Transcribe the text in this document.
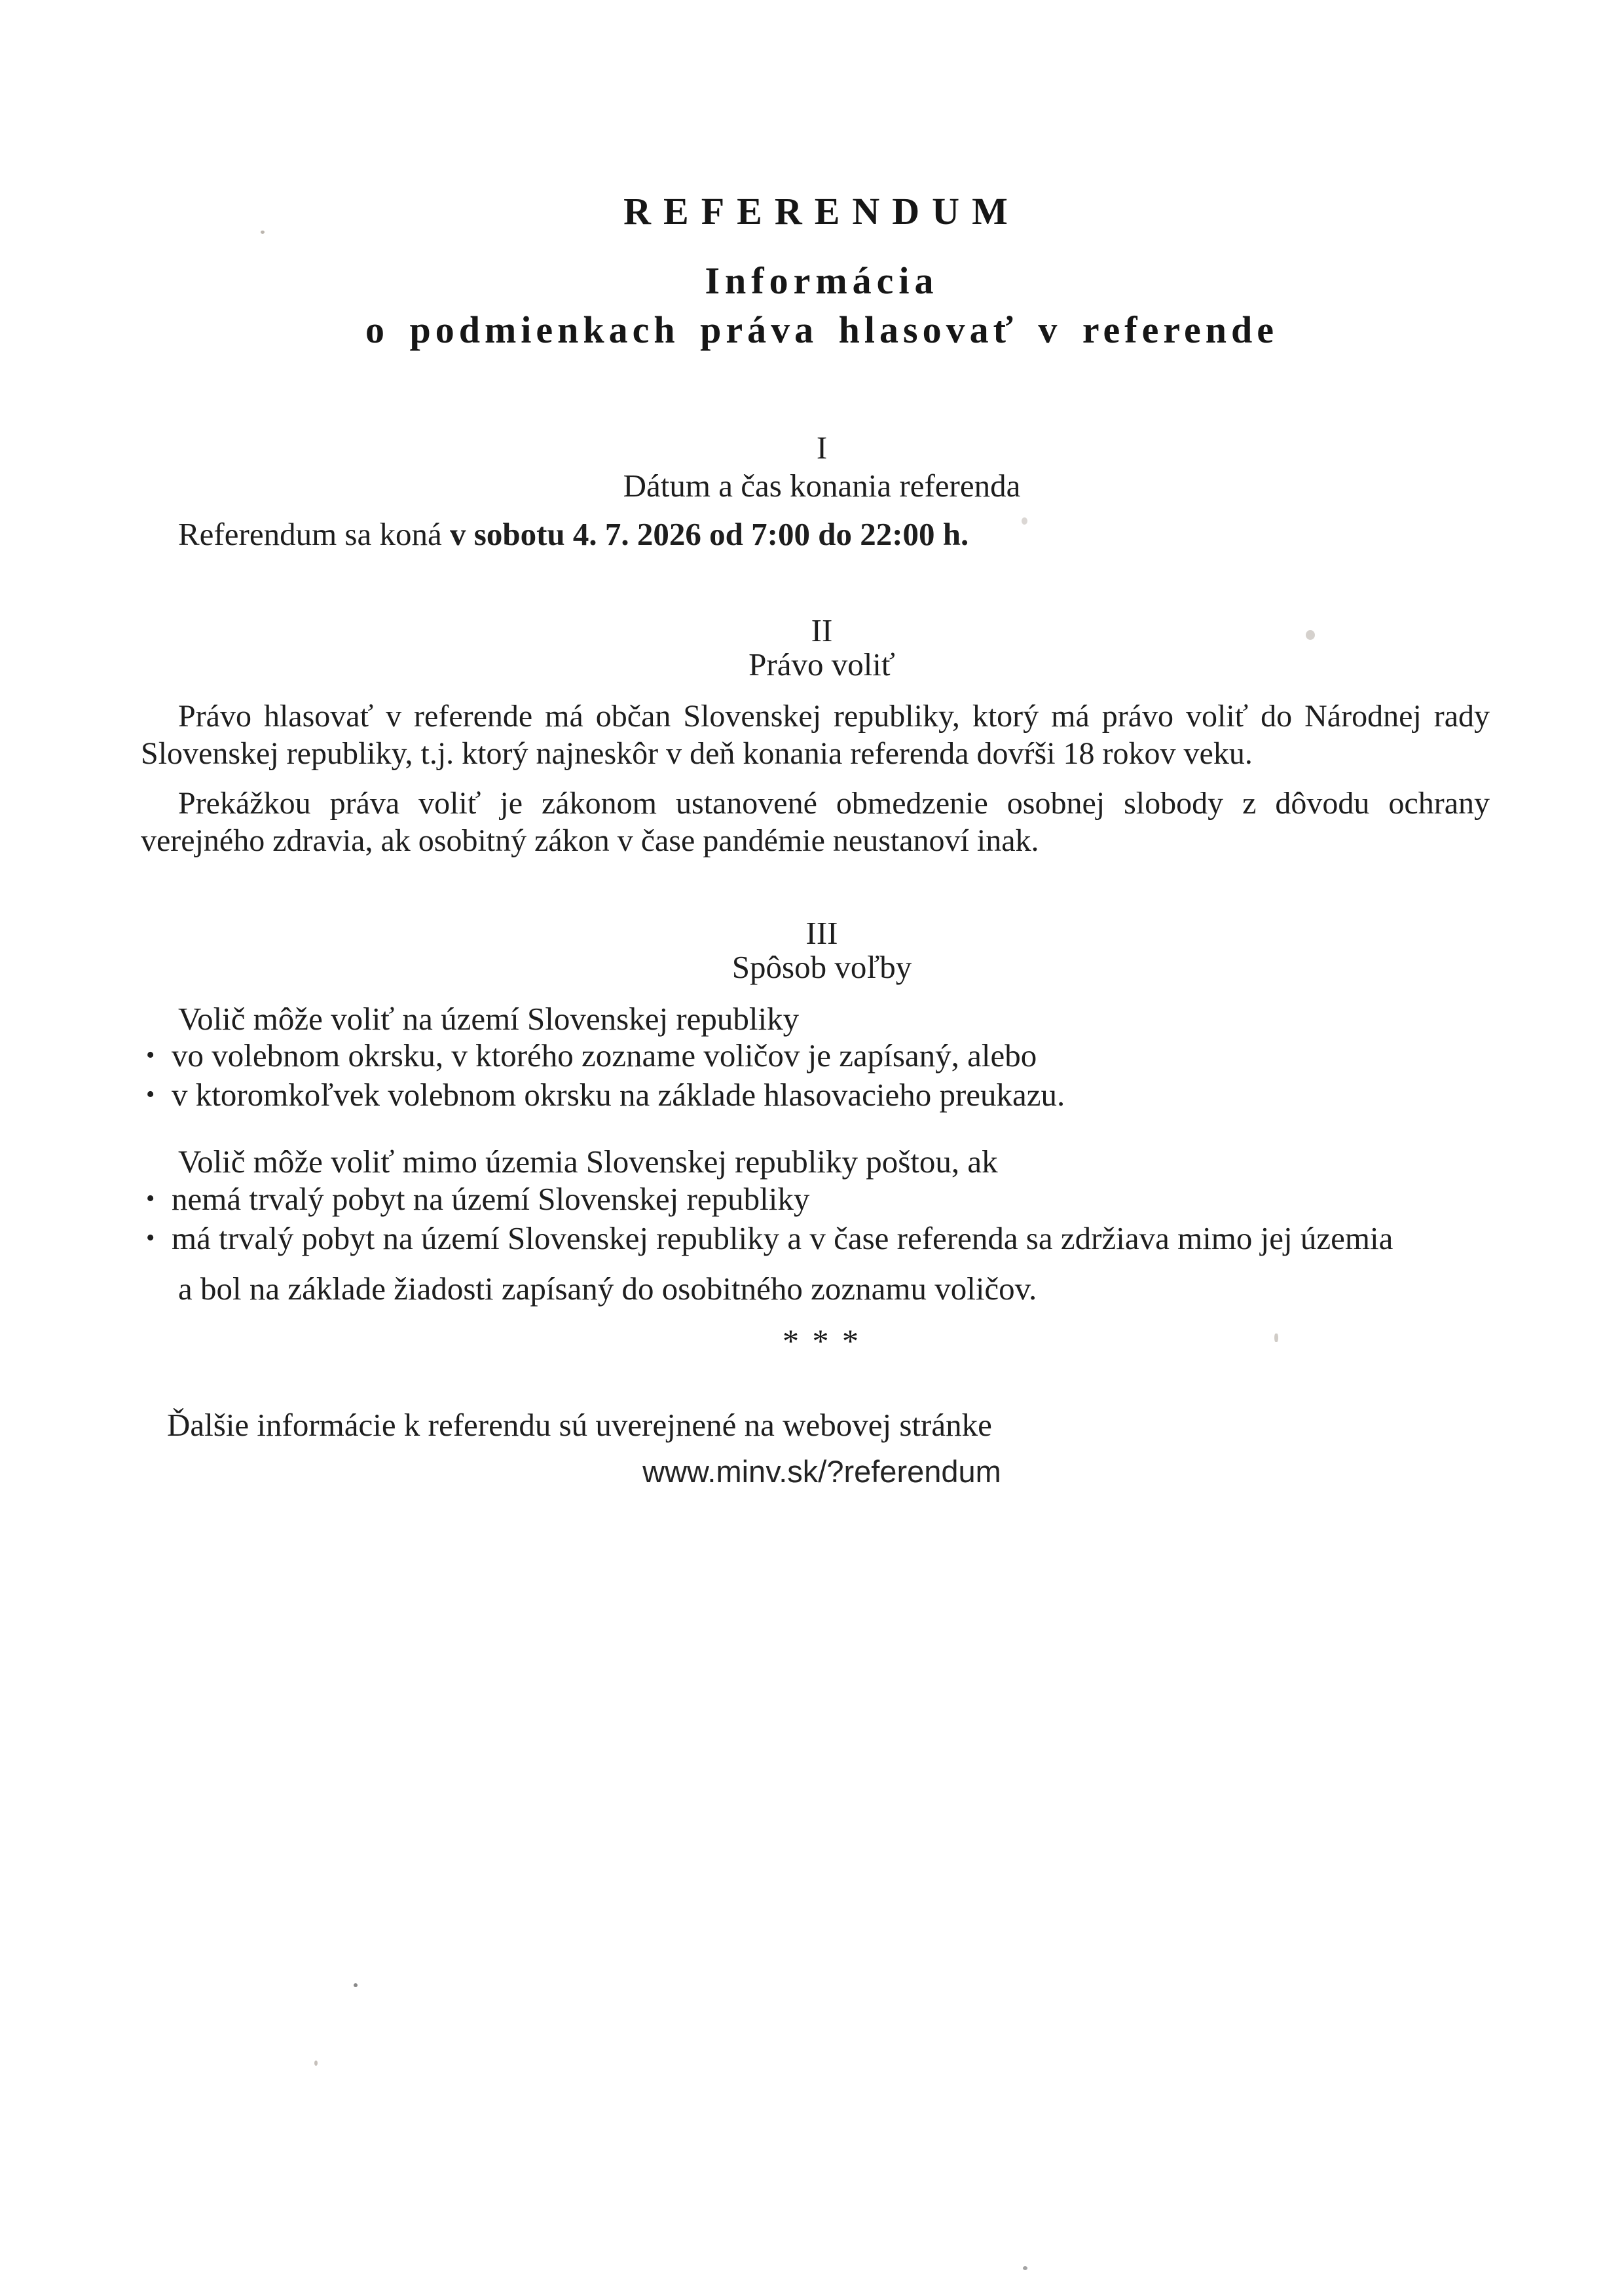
REFERENDUM
Informácia
o podmienkach práva hlasovať v referende
I
Dátum a čas konania referenda
Referendum sa koná v sobotu 4. 7. 2026 od 7:00 do 22:00 h.
II
Právo voliť
Právo hlasovať v referende má občan Slovenskej republiky, ktorý má právo voliť do Národnej rady Slovenskej republiky, t.j. ktorý najneskôr v deň konania referenda dovŕši 18 rokov veku.
Prekážkou práva voliť je zákonom ustanovené obmedzenie osobnej slobody z dôvodu ochrany verejného zdravia, ak osobitný zákon v čase pandémie neustanoví inak.
III
Spôsob voľby
Volič môže voliť na území Slovenskej republiky
• vo volebnom okrsku, v ktorého zozname voličov je zapísaný, alebo
• v ktoromkoľvek volebnom okrsku na základe hlasovacieho preukazu.
Volič môže voliť mimo územia Slovenskej republiky poštou, ak
• nemá trvalý pobyt na území Slovenskej republiky
• má trvalý pobyt na území Slovenskej republiky a v čase referenda sa zdržiava mimo jej územia
a bol na základe žiadosti zapísaný do osobitného zoznamu voličov.
* * *
Ďalšie informácie k referendu sú uverejnené na webovej stránke
www.minv.sk/?referendum
